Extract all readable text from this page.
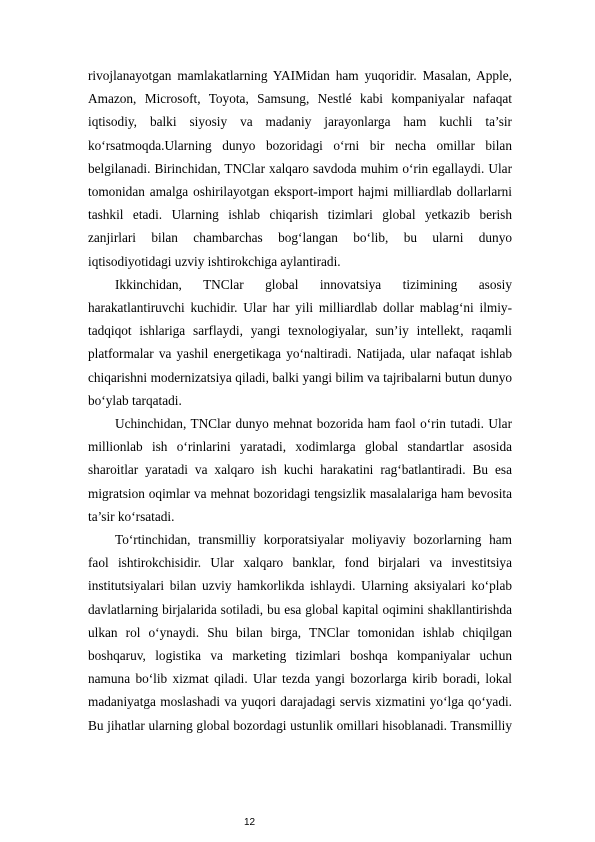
rivojlanayotgan mamlakatlarning YAIMidan ham yuqoridir. Masalan, Apple, Amazon, Microsoft, Toyota, Samsung, Nestlé kabi kompaniyalar nafaqat iqtisodiy, balki siyosiy va madaniy jarayonlarga ham kuchli ta’sir ko‘rsatmoqda.Ularning dunyo bozoridagi o‘rni bir necha omillar bilan belgilanadi. Birinchidan, TNClar xalqaro savdoda muhim o‘rin egallaydi. Ular tomonidan amalga oshirilayotgan eksport-import hajmi milliardlab dollarlarni tashkil etadi. Ularning ishlab chiqarish tizimlari global yetkazib berish zanjirlari bilan chambarchas bog‘langan bo‘lib, bu ularni dunyo iqtisodiyotidagi uzviy ishtirokchiga aylantiradi.

Ikkinchidan, TNClar global innovatsiya tizimining asosiy harakatlantiruvchi kuchidir. Ular har yili milliardlab dollar mablag‘ni ilmiy-tadqiqot ishlariga sarflaydi, yangi texnologiyalar, sun’iy intellekt, raqamli platformalar va yashil energetikaga yo‘naltiradi. Natijada, ular nafaqat ishlab chiqarishni modernizatsiya qiladi, balki yangi bilim va tajribalarni butun dunyo bo‘ylab tarqatadi.

Uchinchidan, TNClar dunyo mehnat bozorida ham faol o‘rin tutadi. Ular millionlab ish o‘rinlarini yaratadi, xodimlarga global standartlar asosida sharoitlar yaratadi va xalqaro ish kuchi harakatini rag‘batlantiradi. Bu esa migratsion oqimlar va mehnat bozoridagi tengsizlik masalalariga ham bevosita ta’sir ko‘rsatadi.

To‘rtinchidan, transmilliy korporatsiyalar moliyaviy bozorlarning ham faol ishtirokchisidir. Ular xalqaro banklar, fond birjalari va investitsiya institutsiyalari bilan uzviy hamkorlikda ishlaydi. Ularning aksiyalari ko‘plab davlatlarning birjalarida sotiladi, bu esa global kapital oqimini shakllantirishda ulkan rol o‘ynaydi. Shu bilan birga, TNClar tomonidan ishlab chiqilgan boshqaruv, logistika va marketing tizimlari boshqa kompaniyalar uchun namuna bo‘lib xizmat qiladi. Ular tezda yangi bozorlarga kirib boradi, lokal madaniyatga moslashadi va yuqori darajadagi servis xizmatini yo‘lga qo‘yadi. Bu jihatlar ularning global bozordagi ustunlik omillari hisoblanadi. Transmilliy

12
